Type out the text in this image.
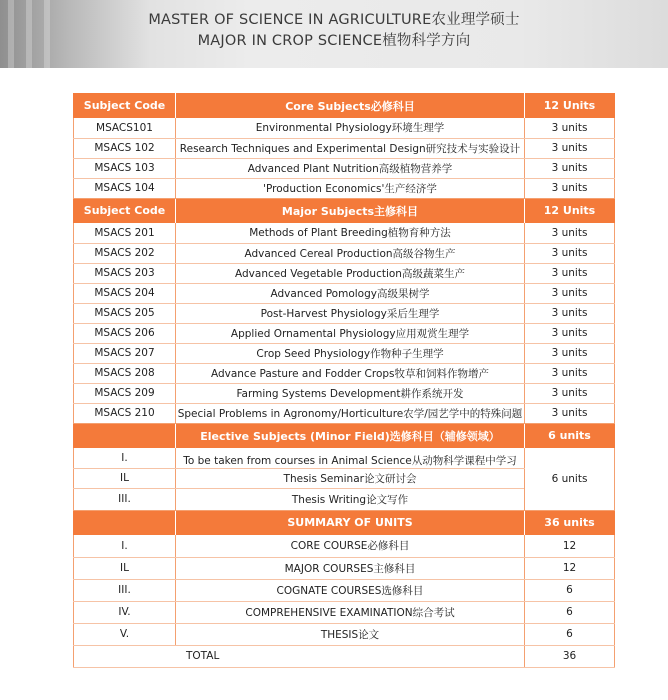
MASTER OF SCIENCE IN AGRICULTURE农业理学硕士
MAJOR IN CROP SCIENCE植物科学方向
Subject Code	Core Subjects必修科目	12 Units
MSACS101	Environmental Physiology环境生理学	3 units
MSACS 102	Research Techniques and Experimental Design研究技术与实验设计	3 units
MSACS 103	Advanced Plant Nutrition高级植物营养学	3 units
MSACS 104	'Production Economics'生产经济学	3 units
Subject Code	Major Subjects主修科目	12 Units
MSACS 201	Methods of Plant Breeding植物育种方法	3 units
MSACS 202	Advanced Cereal Production高级谷物生产	3 units
MSACS 203	Advanced Vegetable Production高级蔬菜生产	3 units
MSACS 204	Advanced Pomology高级果树学	3 units
MSACS 205	Post-Harvest Physiology采后生理学	3 units
MSACS 206	Applied Ornamental Physiology应用观赏生理学	3 units
MSACS 207	Crop Seed Physiology作物种子生理学	3 units
MSACS 208	Advance Pasture and Fodder Crops牧草和饲料作物增产	3 units
MSACS 209	Farming Systems Development耕作系统开发	3 units
MSACS 210	Special Problems in Agronomy/Horticulture农学/园艺学中的特殊问题	3 units
	Elective Subjects (Minor Field)选修科目（辅修领域）	6 units
I.	To be taken from courses in Animal Science从动物科学课程中学习	6 units
IL	Thesis Seminar论文研讨会	
III.	Thesis Writing论文写作	
	SUMMARY OF UNITS	36 units
I.	CORE COURSE必修科目	12
IL	MAJOR COURSES主修科目	12
III.	COGNATE COURSES选修科目	6
IV.	COMPREHENSIVE EXAMINATION综合考试	6
V.	THESIS论文	6
TOTAL		36
